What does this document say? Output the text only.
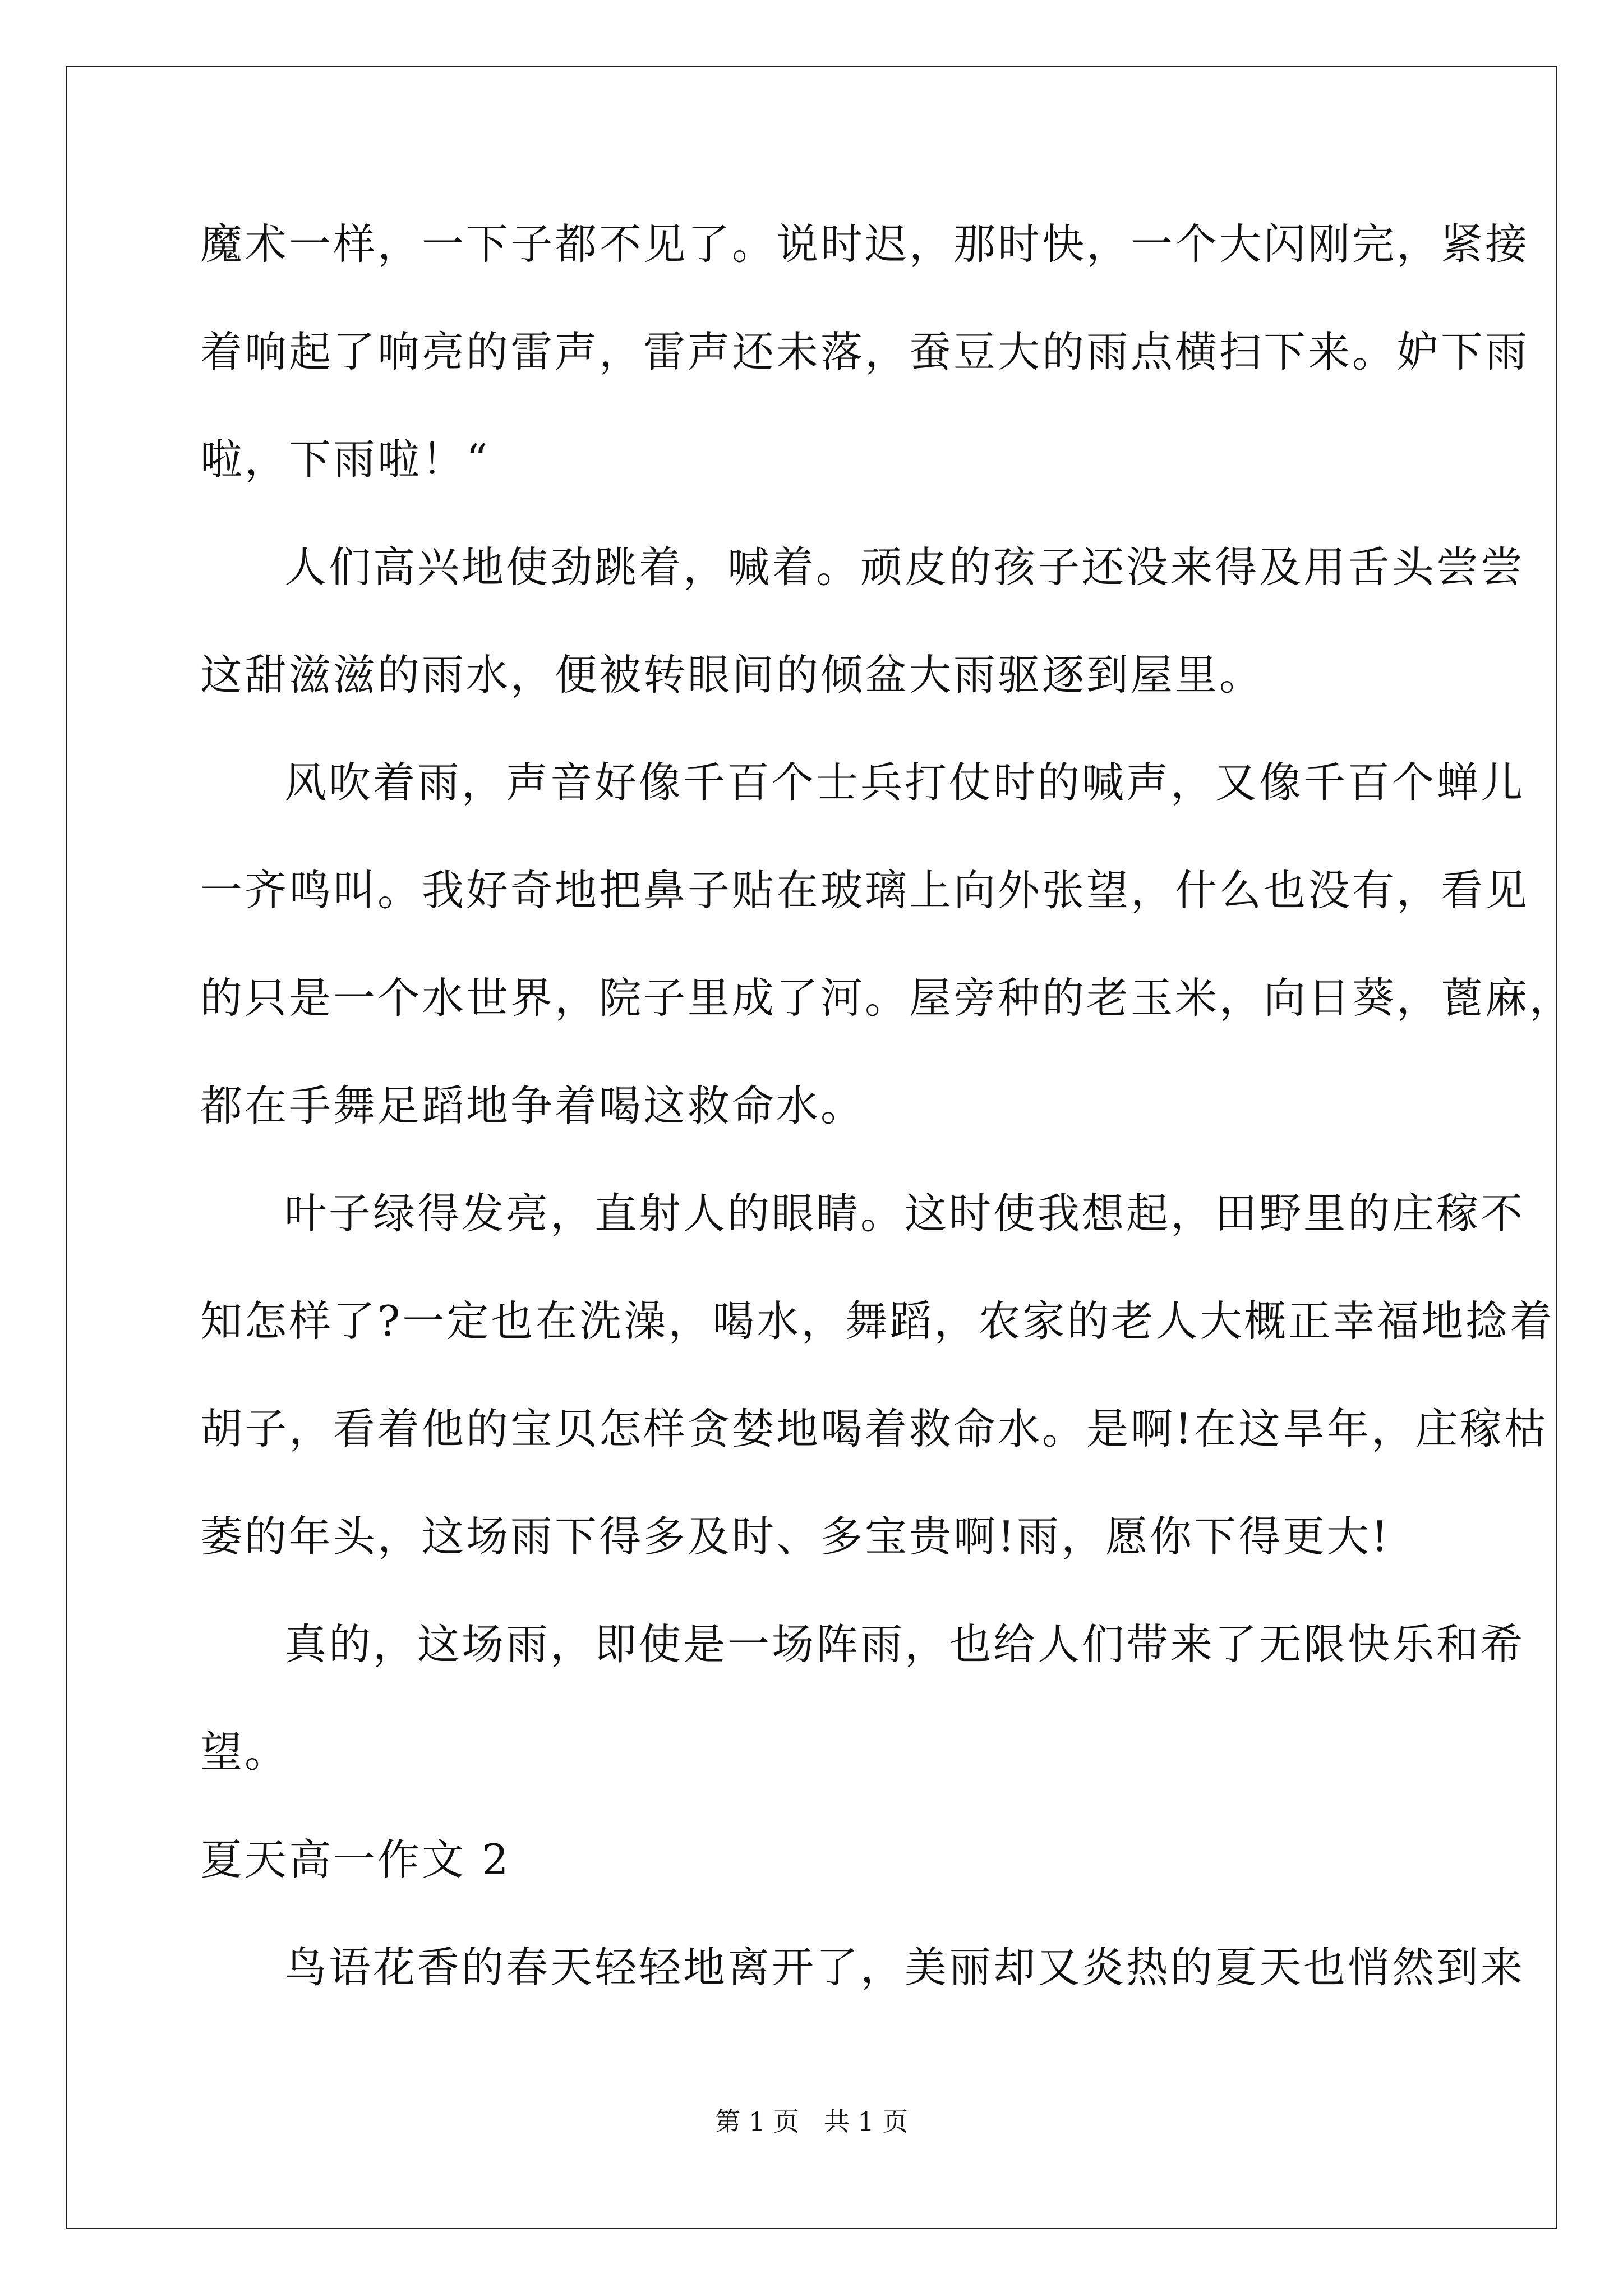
魔术一样，一下子都不见了。说时迟，那时快，一个大闪刚完，紧接
着响起了响亮的雷声，雷声还未落，蚕豆大的雨点横扫下来。妒下雨
啦，下雨啦！“
人们高兴地使劲跳着，喊着。顽皮的孩子还没来得及用舌头尝尝
这甜滋滋的雨水，便被转眼间的倾盆大雨驱逐到屋里。
风吹着雨，声音好像千百个士兵打仗时的喊声，又像千百个蝉儿
一齐鸣叫。我好奇地把鼻子贴在玻璃上向外张望，什么也没有，看见
的只是一个水世界，院子里成了河。屋旁种的老玉米，向日葵，蓖麻，
都在手舞足蹈地争着喝这救命水。
叶子绿得发亮，直射人的眼睛。这时使我想起，田野里的庄稼不
知怎样了?一定也在洗澡，喝水，舞蹈，农家的老人大概正幸福地捻着
胡子，看着他的宝贝怎样贪婪地喝着救命水。是啊!在这旱年，庄稼枯
萎的年头，这场雨下得多及时、多宝贵啊!雨，愿你下得更大!
真的，这场雨，即使是一场阵雨，也给人们带来了无限快乐和希
望。
夏天高一作文 2
鸟语花香的春天轻轻地离开了，美丽却又炎热的夏天也悄然到来
第 1 页 共 1 页
